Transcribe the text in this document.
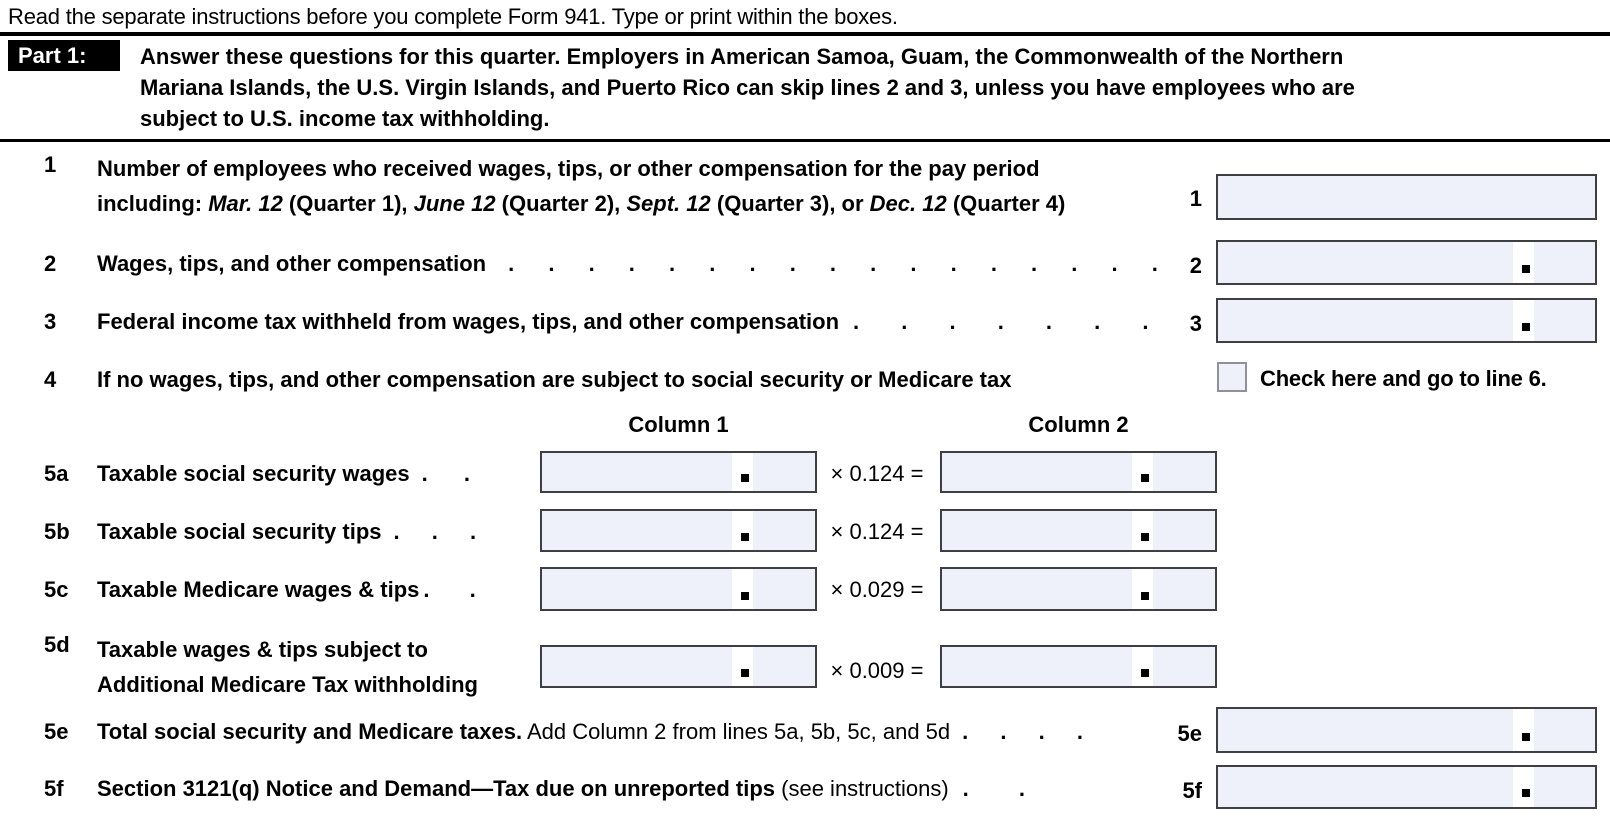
Read the separate instructions before you complete Form 941. Type or print within the boxes.
Part 1:	Answer these questions for this quarter. Employers in American Samoa, Guam, the Commonwealth of the Northern
Mariana Islands, the U.S. Virgin Islands, and Puerto Rico can skip lines 2 and 3, unless you have employees who are
subject to U.S. income tax withholding.
1	Number of employees who received wages, tips, or other compensation for the pay period
including: Mar. 12 (Quarter 1), June 12 (Quarter 2), Sept. 12 (Quarter 3), or Dec. 12 (Quarter 4)	1
2	Wages, tips, and other compensation . . . . . . . . . . . . . . . . .	2
3	Federal income tax withheld from wages, tips, and other compensation . . . . . . .	3
4	If no wages, tips, and other compensation are subject to social security or Medicare tax	Check here and go to line 6.
Column 1	Column 2
5a	Taxable social security wages . .	× 0.124 =
5b	Taxable social security tips . . .	× 0.124 =
5c	Taxable Medicare wages & tips . .	× 0.029 =
5d	Taxable wages & tips subject to
Additional Medicare Tax withholding
× 0.009 =
5e	Total social security and Medicare taxes. Add Column 2 from lines 5a, 5b, 5c, and 5d . . . .	5e
5f	Section 3121(q) Notice and Demand—Tax due on unreported tips (see instructions) . .	5f
